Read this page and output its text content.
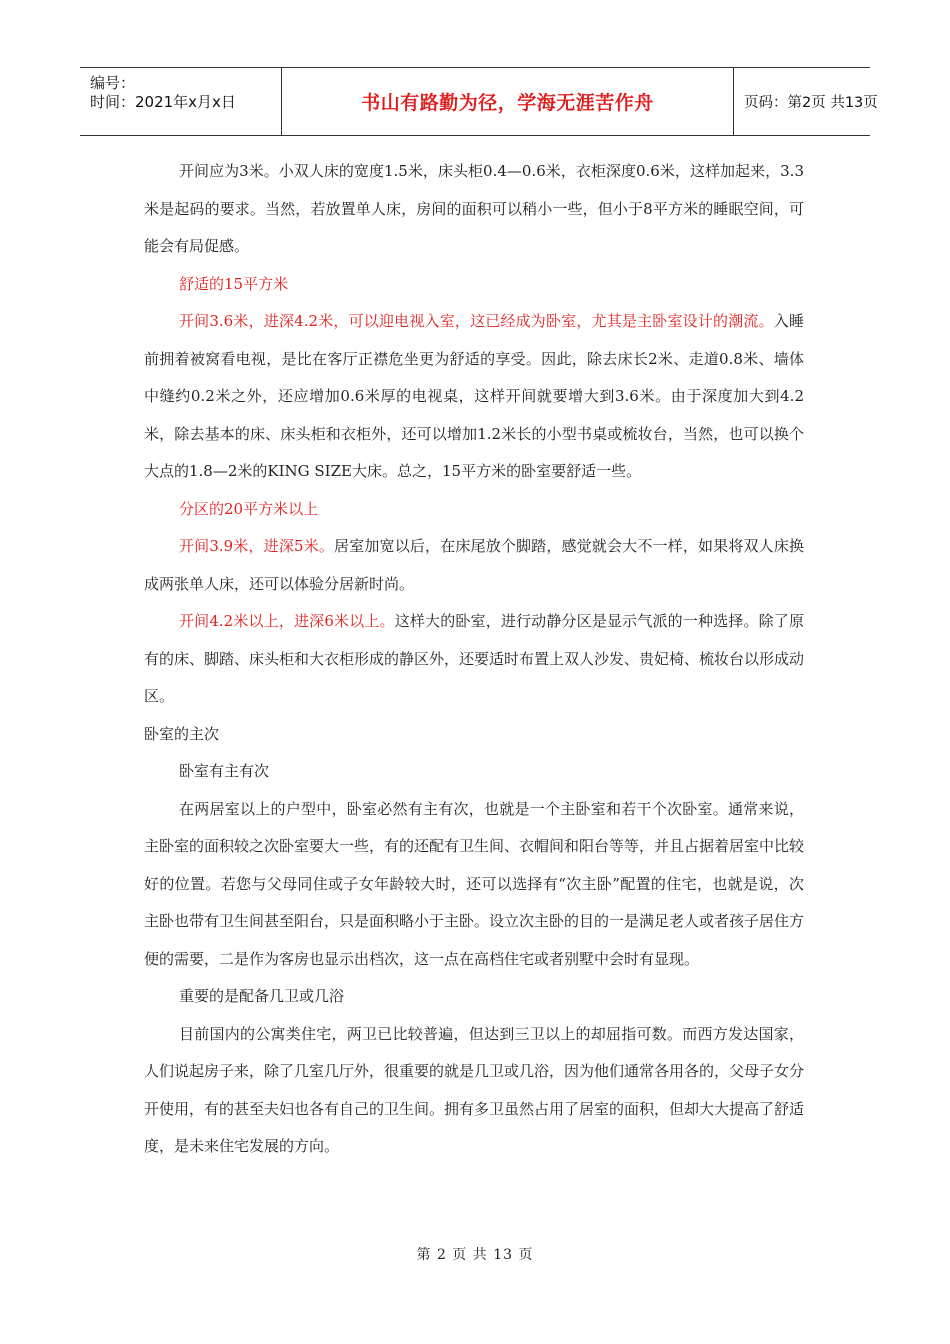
编号：
时间：2021年x月x日	书山有路勤为径，学海无涯苦作舟	页码：第2页 共13页

开间应为3米。小双人床的宽度1.5米，床头柜0.4—0.6米，衣柜深度0.6米，这样加起来，3.3米是起码的要求。当然，若放置单人床，房间的面积可以稍小一些，但小于8平方米的睡眠空间，可能会有局促感。

舒适的15平方米

开间3.6米，进深4.2米，可以迎电视入室，这已经成为卧室，尤其是主卧室设计的潮流。入睡前拥着被窝看电视，是比在客厅正襟危坐更为舒适的享受。因此，除去床长2米、走道0.8米、墙体中缝约0.2米之外，还应增加0.6米厚的电视桌，这样开间就要增大到3.6米。由于深度加大到4.2米，除去基本的床、床头柜和衣柜外，还可以增加1.2米长的小型书桌或梳妆台，当然，也可以换个大点的1.8—2米的KING SIZE大床。总之，15平方米的卧室要舒适一些。

分区的20平方米以上

开间3.9米，进深5米。居室加宽以后，在床尾放个脚踏，感觉就会大不一样，如果将双人床换成两张单人床，还可以体验分居新时尚。

开间4.2米以上，进深6米以上。这样大的卧室，进行动静分区是显示气派的一种选择。除了原有的床、脚踏、床头柜和大衣柜形成的静区外，还要适时布置上双人沙发、贵妃椅、梳妆台以形成动区。

卧室的主次

卧室有主有次

在两居室以上的户型中，卧室必然有主有次，也就是一个主卧室和若干个次卧室。通常来说，主卧室的面积较之次卧室要大一些，有的还配有卫生间、衣帽间和阳台等等，并且占据着居室中比较好的位置。若您与父母同住或子女年龄较大时，还可以选择有“次主卧”配置的住宅，也就是说，次主卧也带有卫生间甚至阳台，只是面积略小于主卧。设立次主卧的目的一是满足老人或者孩子居住方便的需要，二是作为客房也显示出档次，这一点在高档住宅或者别墅中会时有显现。

重要的是配备几卫或几浴

目前国内的公寓类住宅，两卫已比较普遍，但达到三卫以上的却屈指可数。而西方发达国家，人们说起房子来，除了几室几厅外，很重要的就是几卫或几浴，因为他们通常各用各的，父母子女分开使用，有的甚至夫妇也各有自己的卫生间。拥有多卫虽然占用了居室的面积，但却大大提高了舒适度，是未来住宅发展的方向。

第 2 页 共 13 页
